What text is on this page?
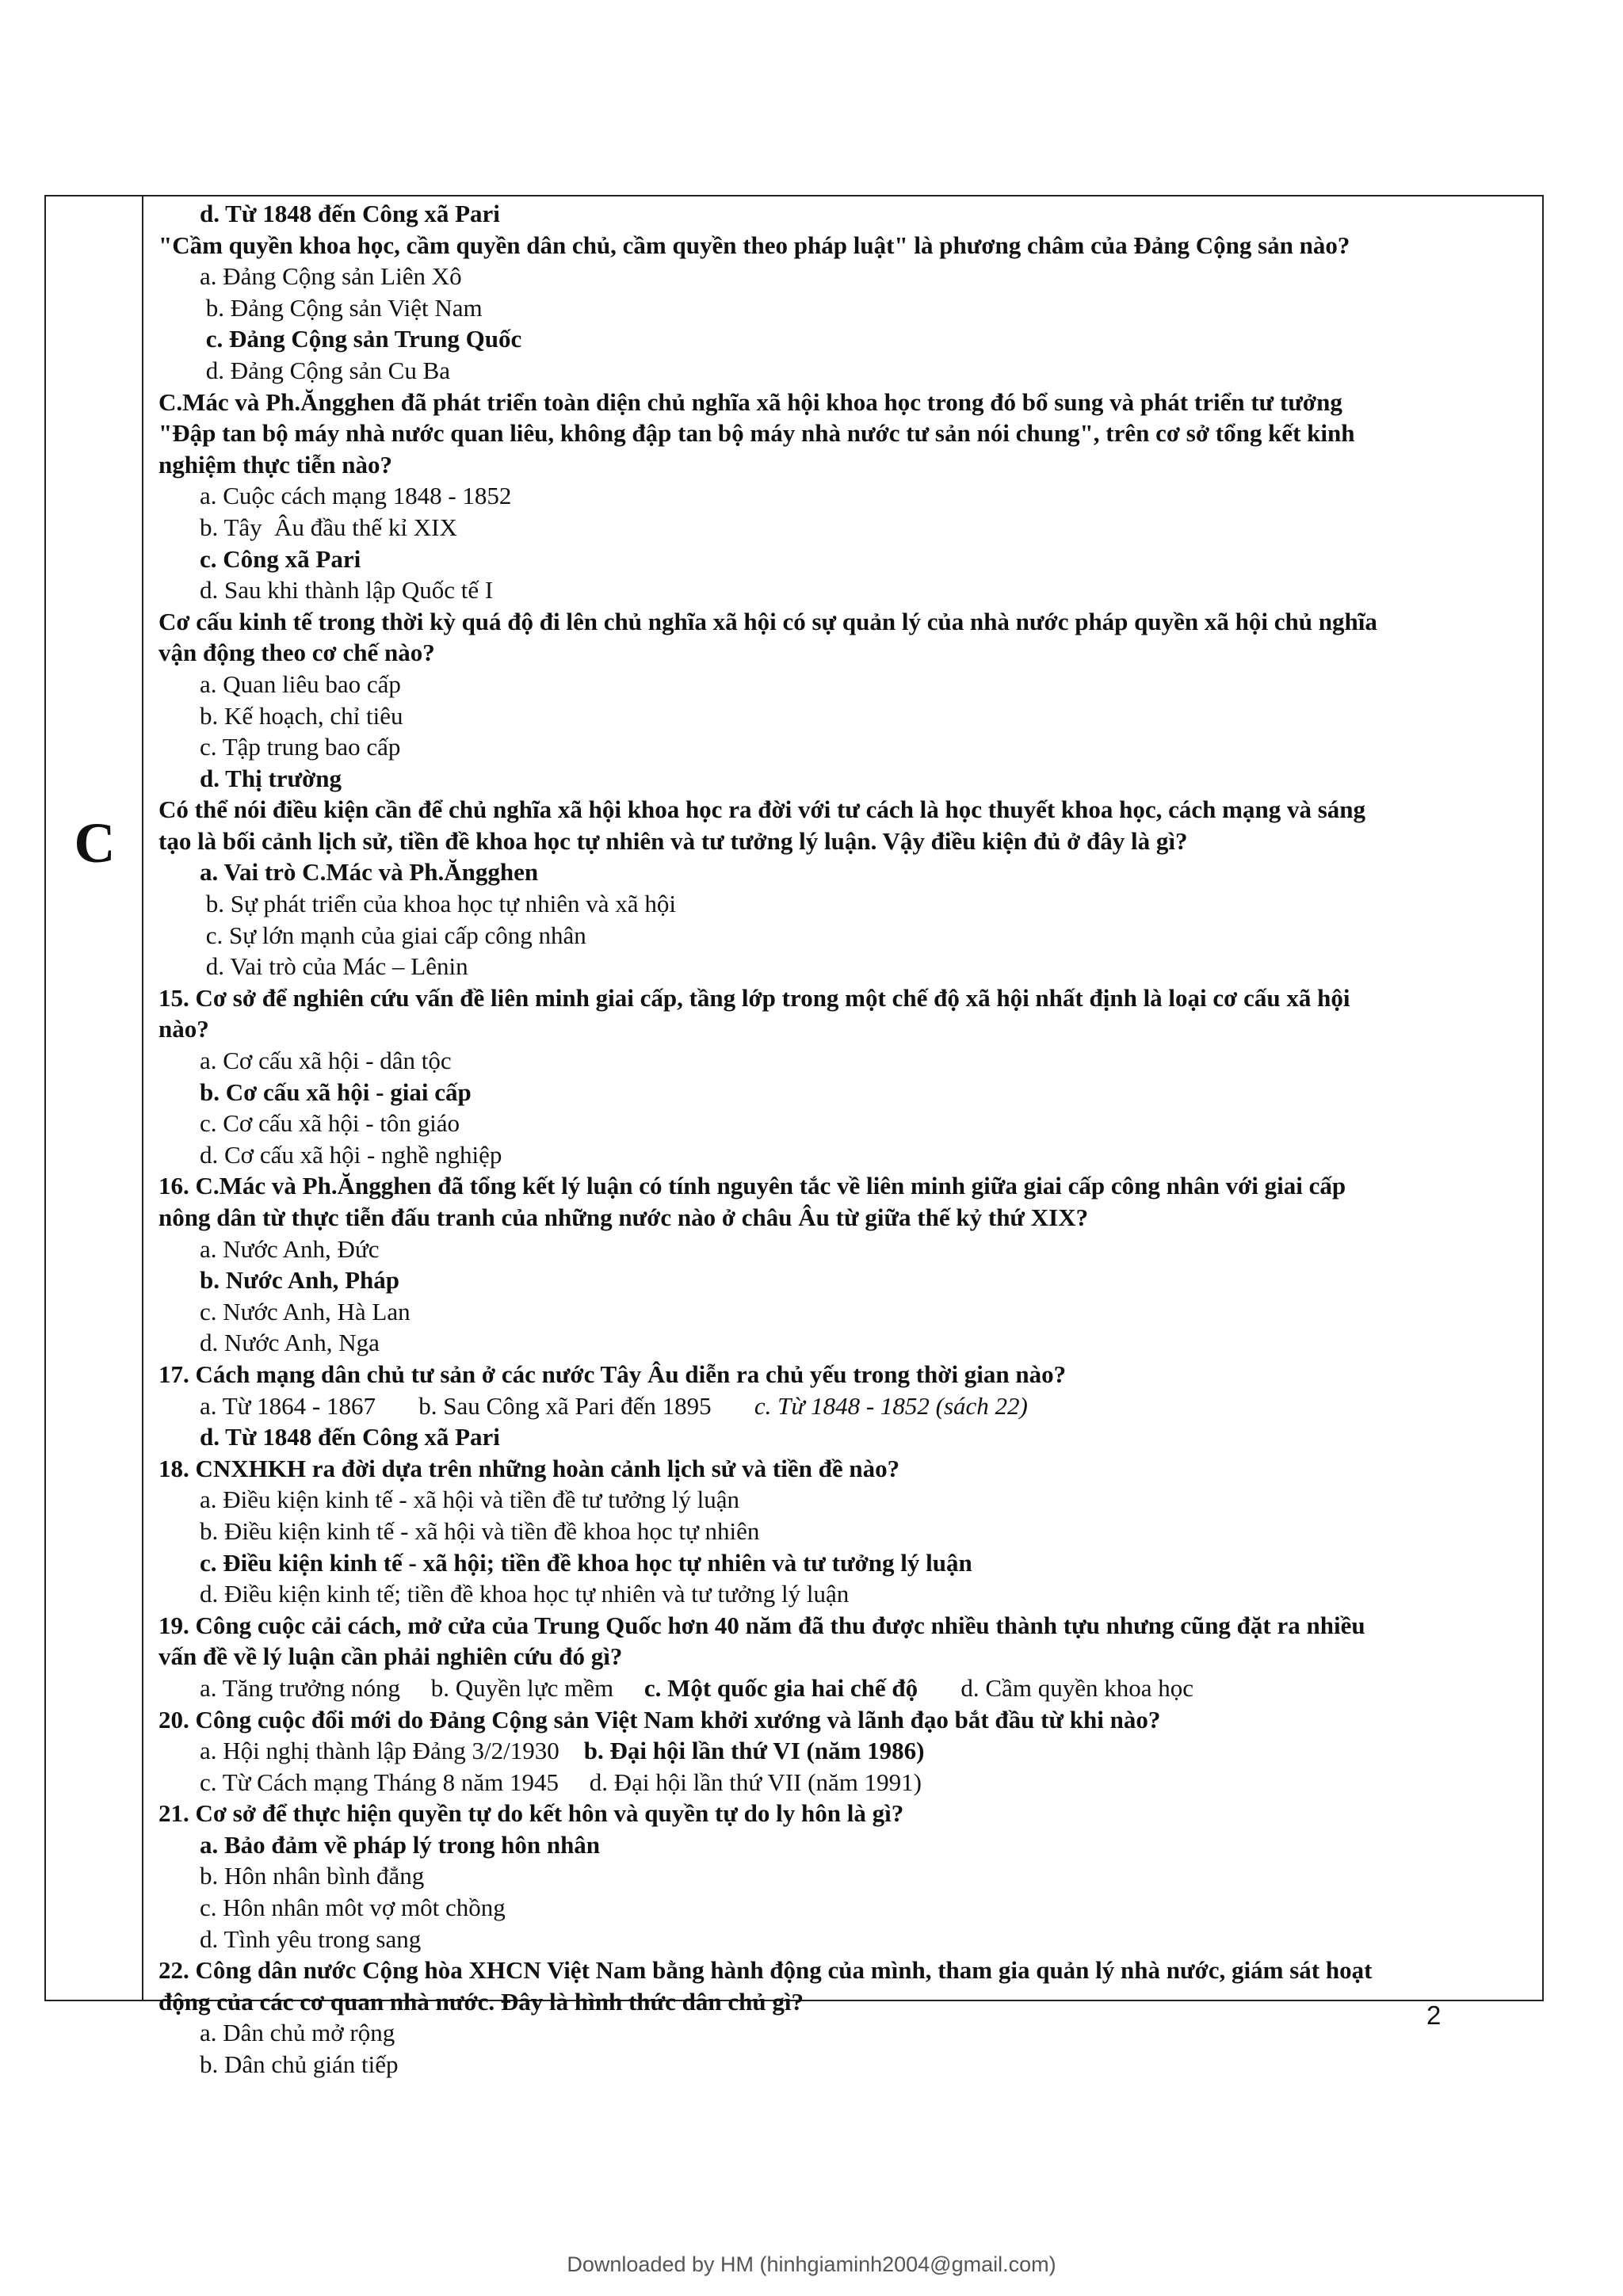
C
d. Từ 1848 đến Công xã Pari
"Cầm quyền khoa học, cầm quyền dân chủ, cầm quyền theo pháp luật" là phương châm của Đảng Cộng sản nào?
a. Đảng Cộng sản Liên Xô
b. Đảng Cộng sản Việt Nam
c. Đảng Cộng sản Trung Quốc
d. Đảng Cộng sản Cu Ba
C.Mác và Ph.Ăngghen đã phát triển toàn diện chủ nghĩa xã hội khoa học trong đó bổ sung và phát triển tư tưởng
"Đập tan bộ máy nhà nước quan liêu, không đập tan bộ máy nhà nước tư sản nói chung", trên cơ sở tổng kết kinh
nghiệm thực tiễn nào?
a. Cuộc cách mạng 1848 - 1852
b. Tây  Âu đầu thế kỉ XIX
c. Công xã Pari
d. Sau khi thành lập Quốc tế I
Cơ cấu kinh tế trong thời kỳ quá độ đi lên chủ nghĩa xã hội có sự quản lý của nhà nước pháp quyền xã hội chủ nghĩa
vận động theo cơ chế nào?
a. Quan liêu bao cấp
b. Kế hoạch, chỉ tiêu
c. Tập trung bao cấp
d. Thị trường
Có thể nói điều kiện cần để chủ nghĩa xã hội khoa học ra đời với tư cách là học thuyết khoa học, cách mạng và sáng
tạo là bối cảnh lịch sử, tiền đề khoa học tự nhiên và tư tưởng lý luận. Vậy điều kiện đủ ở đây là gì?
a. Vai trò C.Mác và Ph.Ăngghen
b. Sự phát triển của khoa học tự nhiên và xã hội
c. Sự lớn mạnh của giai cấp công nhân
d. Vai trò của Mác – Lênin
15. Cơ sở để nghiên cứu vấn đề liên minh giai cấp, tầng lớp trong một chế độ xã hội nhất định là loại cơ cấu xã hội
nào?
a. Cơ cấu xã hội - dân tộc
b. Cơ cấu xã hội - giai cấp
c. Cơ cấu xã hội - tôn giáo
d. Cơ cấu xã hội - nghề nghiệp
16. C.Mác và Ph.Ăngghen đã tổng kết lý luận có tính nguyên tắc về liên minh giữa giai cấp công nhân với giai cấp
nông dân từ thực tiễn đấu tranh của những nước nào ở châu Âu từ giữa thế kỷ thứ XIX?
a. Nước Anh, Đức
b. Nước Anh, Pháp
c. Nước Anh, Hà Lan
d. Nước Anh, Nga
17. Cách mạng dân chủ tư sản ở các nước Tây Âu diễn ra chủ yếu trong thời gian nào?
a. Từ 1864 - 1867       b. Sau Công xã Pari đến 1895       c. Từ 1848 - 1852 (sách 22)
d. Từ 1848 đến Công xã Pari
18. CNXHKH ra đời dựa trên những hoàn cảnh lịch sử và tiền đề nào?
a. Điều kiện kinh tế - xã hội và tiền đề tư tưởng lý luận
b. Điều kiện kinh tế - xã hội và tiền đề khoa học tự nhiên
c. Điều kiện kinh tế - xã hội; tiền đề khoa học tự nhiên và tư tưởng lý luận
d. Điều kiện kinh tế; tiền đề khoa học tự nhiên và tư tưởng lý luận
19. Công cuộc cải cách, mở cửa của Trung Quốc hơn 40 năm đã thu được nhiều thành tựu nhưng cũng đặt ra nhiều
vấn đề về lý luận cần phải nghiên cứu đó gì?
a. Tăng trưởng nóng     b. Quyền lực mềm     c. Một quốc gia hai chế độ       d. Cầm quyền khoa học
20. Công cuộc đổi mới do Đảng Cộng sản Việt Nam khởi xướng và lãnh đạo bắt đầu từ khi nào?
a. Hội nghị thành lập Đảng 3/2/1930    b. Đại hội lần thứ VI (năm 1986)
c. Từ Cách mạng Tháng 8 năm 1945     d. Đại hội lần thứ VII (năm 1991)
21. Cơ sở để thực hiện quyền tự do kết hôn và quyền tự do ly hôn là gì?
a. Bảo đảm về pháp lý trong hôn nhân
b. Hôn nhân bình đẳng
c. Hôn nhân môt vợ môt chồng
d. Tình yêu trong sang
22. Công dân nước Cộng hòa XHCN Việt Nam bằng hành động của mình, tham gia quản lý nhà nước, giám sát hoạt
động của các cơ quan nhà nước. Đây là hình thức dân chủ gì?
a. Dân chủ mở rộng
b. Dân chủ gián tiếp
2
Downloaded by HM (hinhgiaminh2004@gmail.com)
